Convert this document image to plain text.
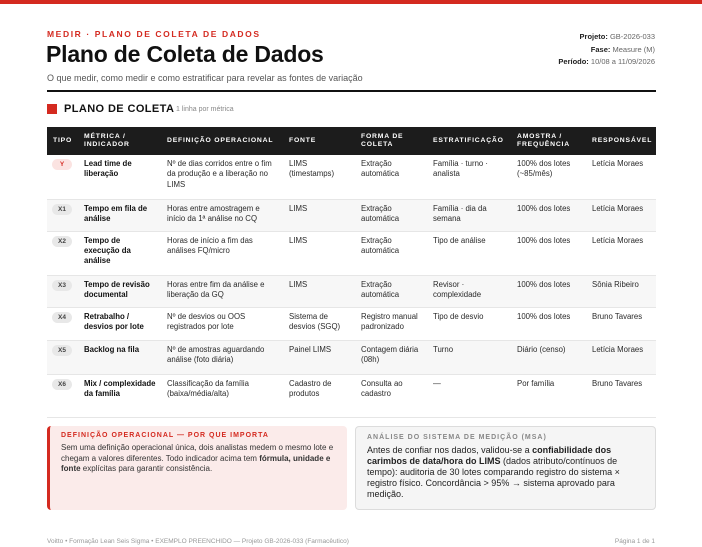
MEDIR · PLANO DE COLETA DE DADOS
Plano de Coleta de Dados
O que medir, como medir e como estratificar para revelar as fontes de variação
Projeto: GB-2026-033
Fase: Measure (M)
Período: 10/08 a 11/09/2026
PLANO DE COLETA 1 linha por métrica
TIPO	MÉTRICA / INDICADOR	DEFINIÇÃO OPERACIONAL	FONTE	FORMA DE COLETA	ESTRATIFICAÇÃO	AMOSTRA / FREQUÊNCIA	RESPONSÁVEL
Y	Lead time de liberação	Nº de dias corridos entre o fim da produção e a liberação no LIMS	LIMS (timestamps)	Extração automática	Família · turno · analista	100% dos lotes (~85/mês)	Letícia Moraes
X1	Tempo em fila de análise	Horas entre amostragem e início da 1ª análise no CQ	LIMS	Extração automática	Família · dia da semana	100% dos lotes	Letícia Moraes
X2	Tempo de execução da análise	Horas de início a fim das análises FQ/micro	LIMS	Extração automática	Tipo de análise	100% dos lotes	Letícia Moraes
X3	Tempo de revisão documental	Horas entre fim da análise e liberação da GQ	LIMS	Extração automática	Revisor · complexidade	100% dos lotes	Sônia Ribeiro
X4	Retrabalho / desvios por lote	Nº de desvios ou OOS registrados por lote	Sistema de desvios (SGQ)	Registro manual padronizado	Tipo de desvio	100% dos lotes	Bruno Tavares
X5	Backlog na fila	Nº de amostras aguardando análise (foto diária)	Painel LIMS	Contagem diária (08h)	Turno	Diário (censo)	Letícia Moraes
X6	Mix / complexidade da família	Classificação da família (baixa/média/alta)	Cadastro de produtos	Consulta ao cadastro	—	Por família	Bruno Tavares
DEFINIÇÃO OPERACIONAL — POR QUE IMPORTA
Sem uma definição operacional única, dois analistas medem o mesmo lote e chegam a valores diferentes. Todo indicador acima tem fórmula, unidade e fonte explícitas para garantir consistência.
ANÁLISE DO SISTEMA DE MEDIÇÃO (MSA)
Antes de confiar nos dados, validou-se a confiabilidade dos carimbos de data/hora do LIMS (dados atributo/contínuos de tempo): auditoria de 30 lotes comparando registro do sistema × registro físico. Concordância > 95% → sistema aprovado para medição.
Voitto • Formação Lean Seis Sigma • EXEMPLO PREENCHIDO — Projeto GB-2026-033 (Farmacêutico)	Página 1 de 1
